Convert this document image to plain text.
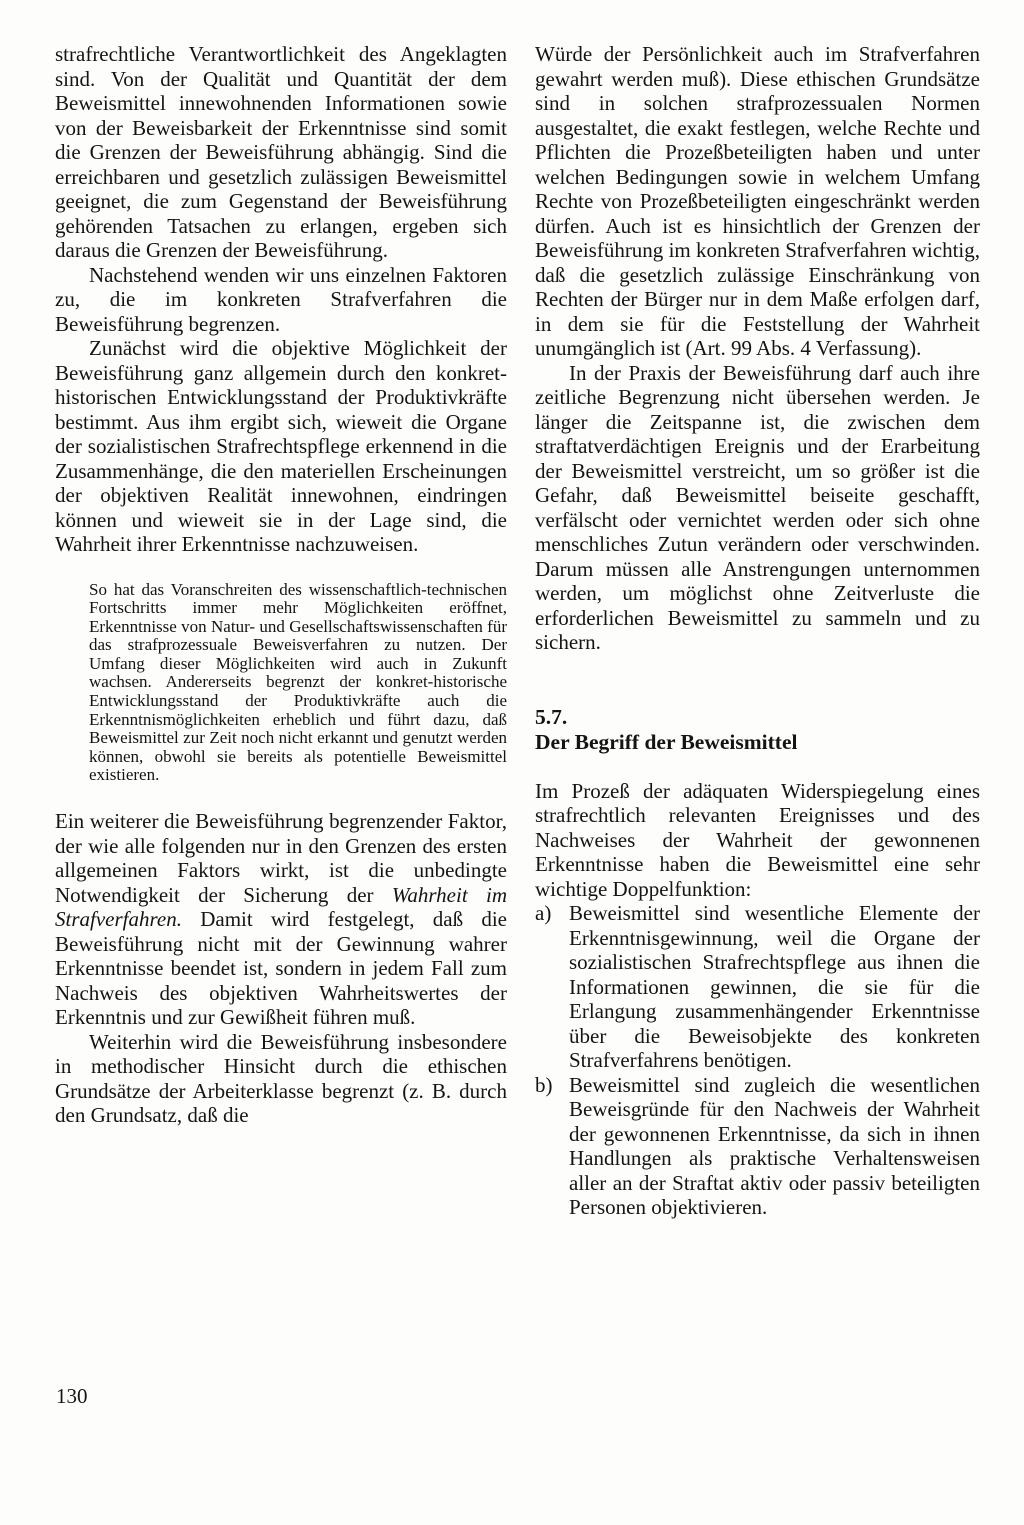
strafrechtliche Verantwortlichkeit des Angeklagten sind. Von der Qualität und Quantität der dem Beweismittel innewohnenden Informationen sowie von der Beweisbarkeit der Erkenntnisse sind somit die Grenzen der Beweisführung abhängig. Sind die erreichbaren und gesetzlich zulässigen Beweismittel geeignet, die zum Gegenstand der Beweisführung gehörenden Tatsachen zu erlangen, ergeben sich daraus die Grenzen der Beweisführung.

Nachstehend wenden wir uns einzelnen Faktoren zu, die im konkreten Strafverfahren die Beweisführung begrenzen.

Zunächst wird die objektive Möglichkeit der Beweisführung ganz allgemein durch den konkret-historischen Entwicklungsstand der Produktivkräfte bestimmt. Aus ihm ergibt sich, wieweit die Organe der sozialistischen Strafrechtspflege erkennend in die Zusammenhänge, die den materiellen Erscheinungen der objektiven Realität innewohnen, eindringen können und wieweit sie in der Lage sind, die Wahrheit ihrer Erkenntnisse nachzuweisen.

So hat das Voranschreiten des wissenschaftlich-technischen Fortschritts immer mehr Möglichkeiten eröffnet, Erkenntnisse von Natur- und Gesellschaftswissenschaften für das strafprozessuale Beweisverfahren zu nutzen. Der Umfang dieser Möglichkeiten wird auch in Zukunft wachsen. Andererseits begrenzt der konkret-historische Entwicklungsstand der Produktivkräfte auch die Erkenntnismöglichkeiten erheblich und führt dazu, daß Beweismittel zur Zeit noch nicht erkannt und genutzt werden können, obwohl sie bereits als potentielle Beweismittel existieren.

Ein weiterer die Beweisführung begrenzender Faktor, der wie alle folgenden nur in den Grenzen des ersten allgemeinen Faktors wirkt, ist die unbedingte Notwendigkeit der Sicherung der Wahrheit im Strafverfahren. Damit wird festgelegt, daß die Beweisführung nicht mit der Gewinnung wahrer Erkenntnisse beendet ist, sondern in jedem Fall zum Nachweis des objektiven Wahrheitswertes der Erkenntnis und zur Gewißheit führen muß.

Weiterhin wird die Beweisführung insbesondere in methodischer Hinsicht durch die ethischen Grundsätze der Arbeiterklasse begrenzt (z. B. durch den Grundsatz, daß die

Würde der Persönlichkeit auch im Strafverfahren gewahrt werden muß). Diese ethischen Grundsätze sind in solchen strafprozessualen Normen ausgestaltet, die exakt festlegen, welche Rechte und Pflichten die Prozeßbeteiligten haben und unter welchen Bedingungen sowie in welchem Umfang Rechte von Prozeßbeteiligten eingeschränkt werden dürfen. Auch ist es hinsichtlich der Grenzen der Beweisführung im konkreten Strafverfahren wichtig, daß die gesetzlich zulässige Einschränkung von Rechten der Bürger nur in dem Maße erfolgen darf, in dem sie für die Feststellung der Wahrheit unumgänglich ist (Art. 99 Abs. 4 Verfassung).

In der Praxis der Beweisführung darf auch ihre zeitliche Begrenzung nicht übersehen werden. Je länger die Zeitspanne ist, die zwischen dem straftatverdächtigen Ereignis und der Erarbeitung der Beweismittel verstreicht, um so größer ist die Gefahr, daß Beweismittel beiseite geschafft, verfälscht oder vernichtet werden oder sich ohne menschliches Zutun verändern oder verschwinden. Darum müssen alle Anstrengungen unternommen werden, um möglichst ohne Zeitverluste die erforderlichen Beweismittel zu sammeln und zu sichern.

5.7.
Der Begriff der Beweismittel

Im Prozeß der adäquaten Widerspiegelung eines strafrechtlich relevanten Ereignisses und des Nachweises der Wahrheit der gewonnenen Erkenntnisse haben die Beweismittel eine sehr wichtige Doppelfunktion:

a) Beweismittel sind wesentliche Elemente der Erkenntnisgewinnung, weil die Organe der sozialistischen Strafrechtspflege aus ihnen die Informationen gewinnen, die sie für die Erlangung zusammenhängender Erkenntnisse über die Beweisobjekte des konkreten Strafverfahrens benötigen.
b) Beweismittel sind zugleich die wesentlichen Beweisgründe für den Nachweis der Wahrheit der gewonnenen Erkenntnisse, da sich in ihnen Handlungen als praktische Verhaltensweisen aller an der Straftat aktiv oder passiv beteiligten Personen objektivieren.
130
